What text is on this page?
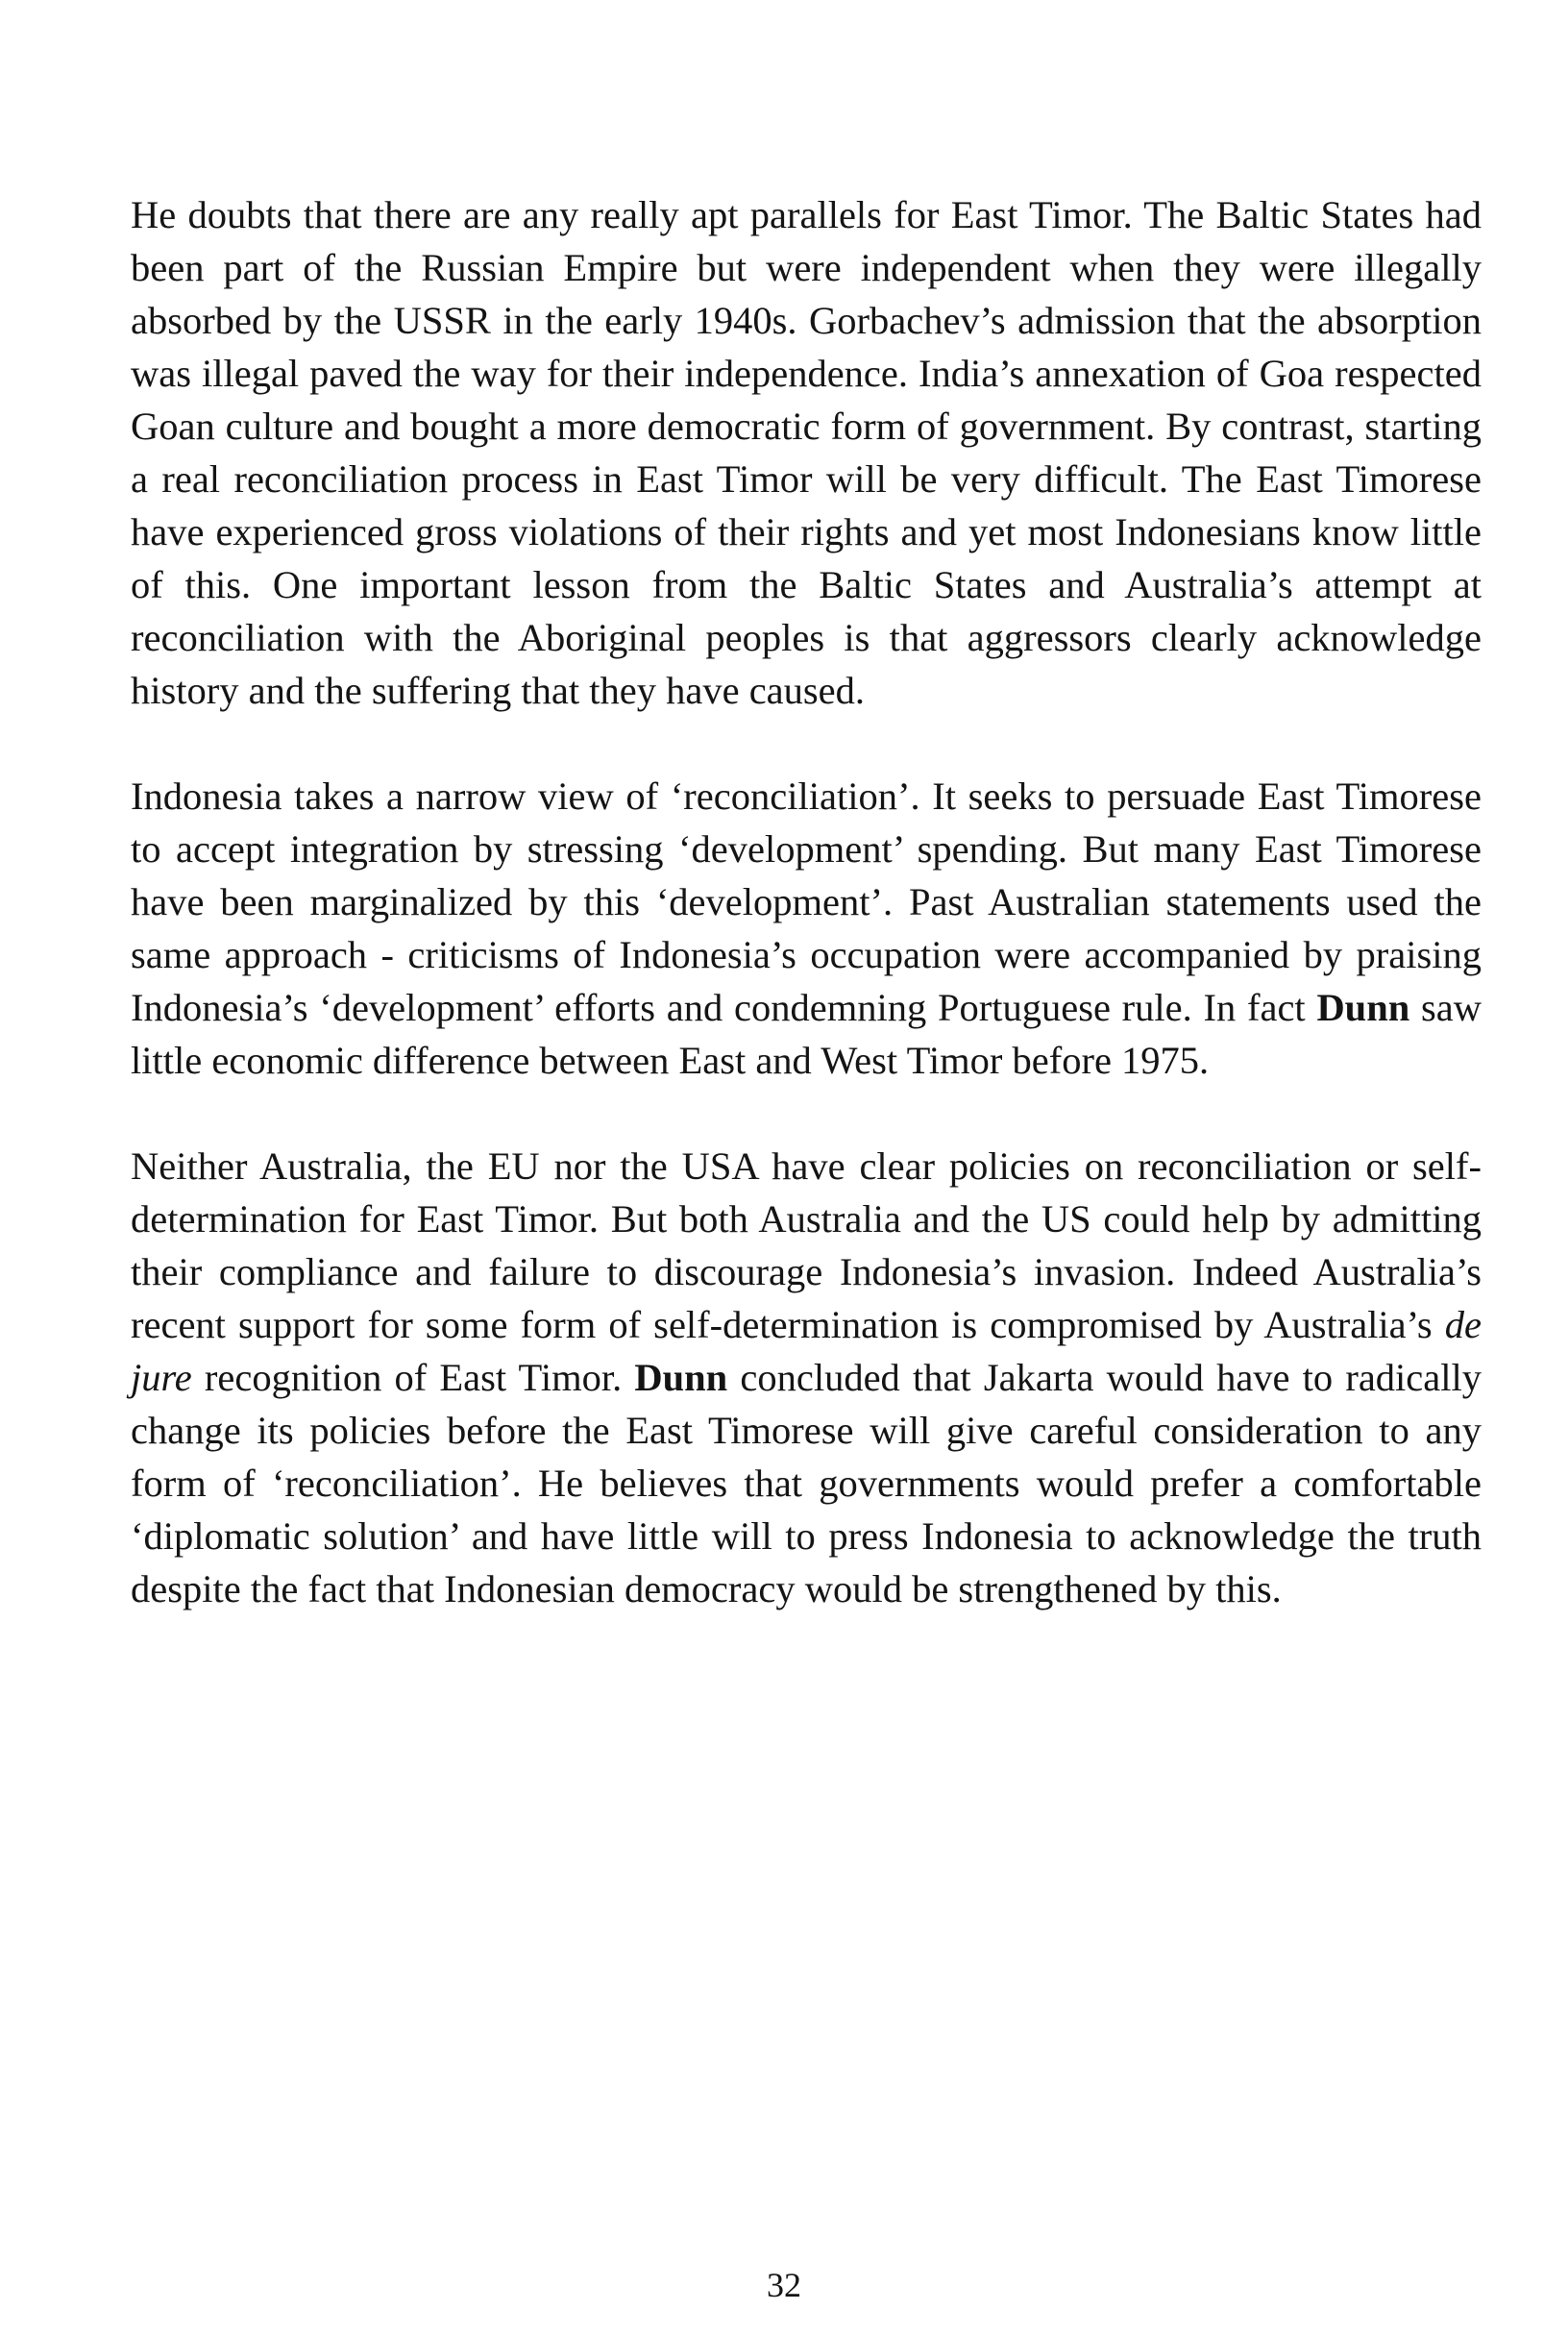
He doubts that there are any really apt parallels for East Timor. The Baltic States had been part of the Russian Empire but were independent when they were illegally absorbed by the USSR in the early 1940s. Gorbachev’s admission that the absorption was illegal paved the way for their independence. India’s annexation of Goa respected Goan culture and bought a more democratic form of government. By contrast, starting a real reconciliation process in East Timor will be very difficult. The East Timorese have experienced gross violations of their rights and yet most Indonesians know little of this. One important lesson from the Baltic States and Australia’s attempt at reconciliation with the Aboriginal peoples is that aggressors clearly acknowledge history and the suffering that they have caused.

Indonesia takes a narrow view of ‘reconciliation’. It seeks to persuade East Timorese to accept integration by stressing ‘development’ spending. But many East Timorese have been marginalized by this ‘development’. Past Australian statements used the same approach - criticisms of Indonesia’s occupation were accompanied by praising Indonesia’s ‘development’ efforts and condemning Portuguese rule. In fact Dunn saw little economic difference between East and West Timor before 1975.

Neither Australia, the EU nor the USA have clear policies on reconciliation or self-determination for East Timor. But both Australia and the US could help by admitting their compliance and failure to discourage Indonesia’s invasion. Indeed Australia’s recent support for some form of self-determination is compromised by Australia’s de jure recognition of East Timor. Dunn concluded that Jakarta would have to radically change its policies before the East Timorese will give careful consideration to any form of ‘reconciliation’. He believes that governments would prefer a comfortable ‘diplomatic solution’ and have little will to press Indonesia to acknowledge the truth despite the fact that Indonesian democracy would be strengthened by this.

32
